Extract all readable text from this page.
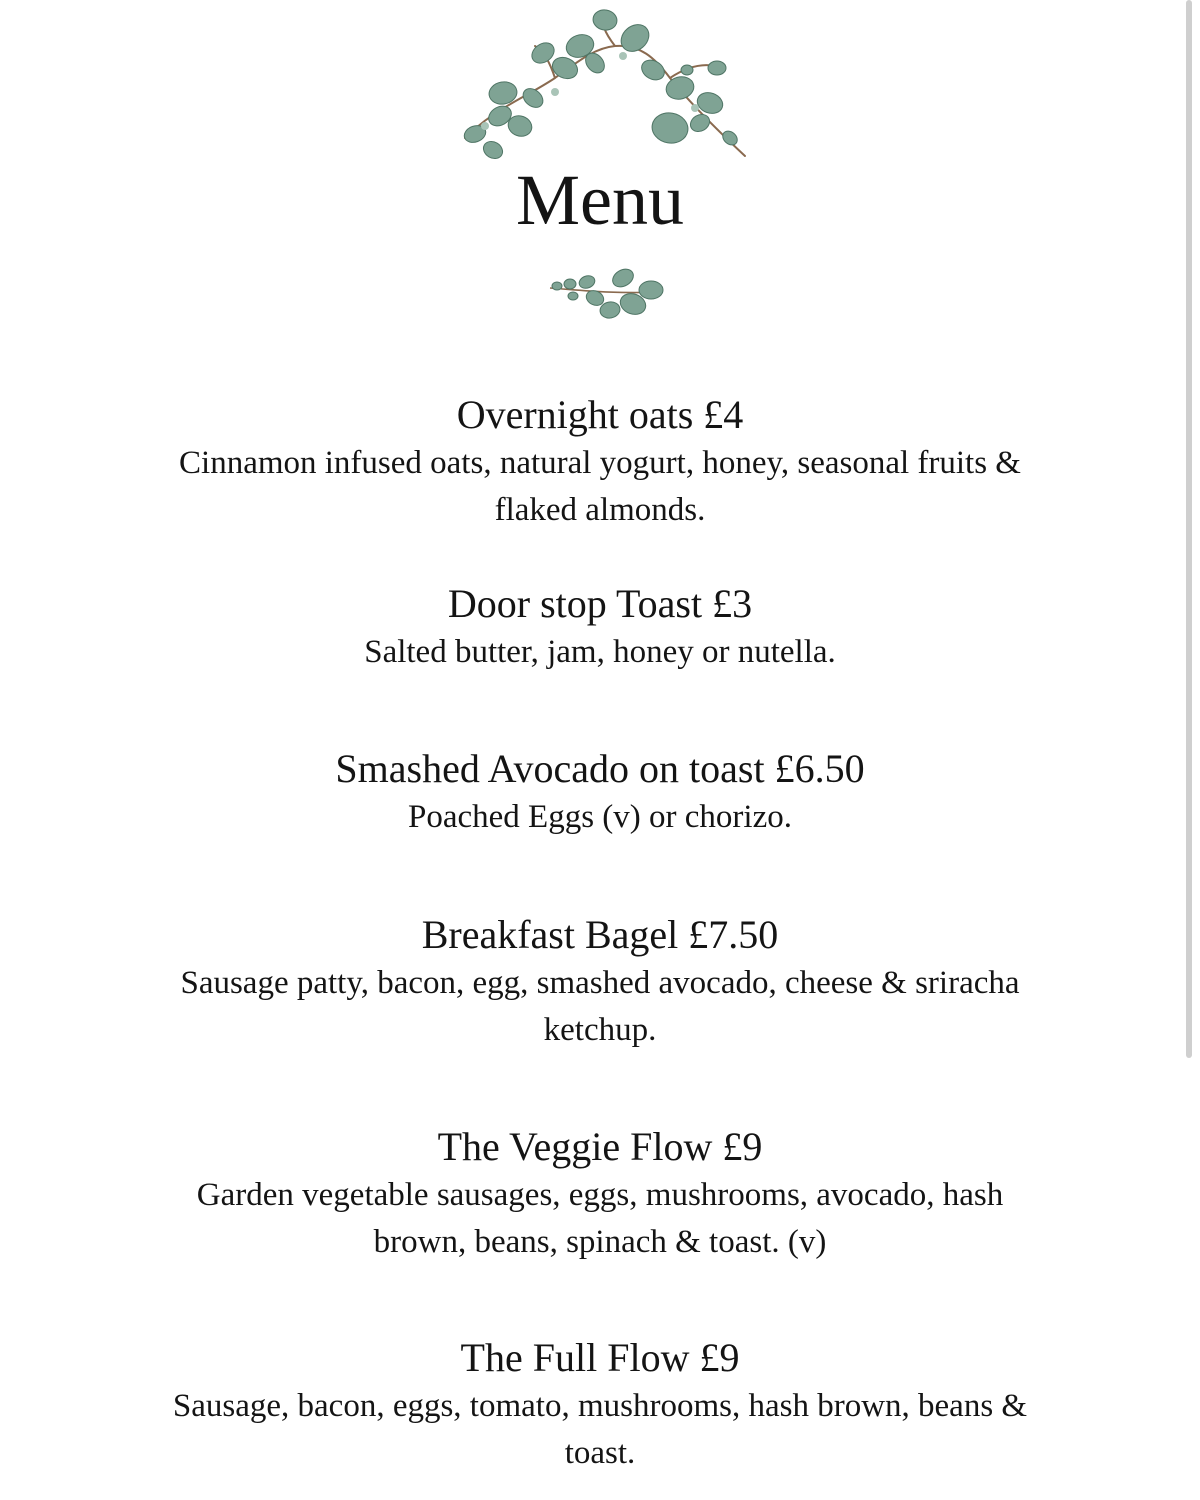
Menu
Overnight oats £4
Cinnamon infused oats, natural yogurt, honey, seasonal fruits & flaked almonds.
Door stop Toast £3
Salted butter, jam, honey or nutella.
Smashed Avocado on toast £6.50
Poached Eggs (v) or chorizo.
Breakfast Bagel £7.50
Sausage patty, bacon, egg, smashed avocado, cheese & sriracha ketchup.
The Veggie Flow £9
Garden vegetable sausages, eggs, mushrooms, avocado, hash brown, beans, spinach & toast. (v)
The Full Flow £9
Sausage, bacon, eggs, tomato, mushrooms, hash brown, beans & toast.
